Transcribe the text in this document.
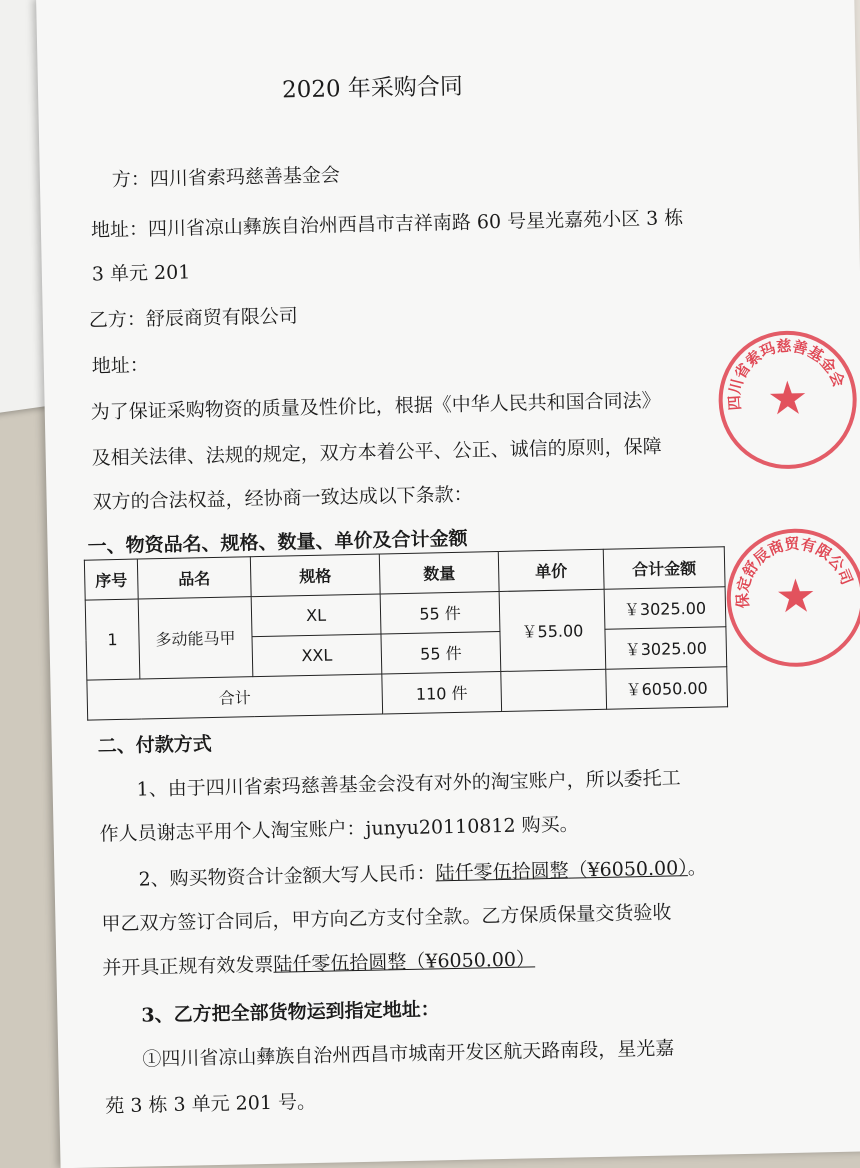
2020 年采购合同
方：四川省索玛慈善基金会
地址：四川省凉山彝族自治州西昌市吉祥南路 60 号星光嘉苑小区 3 栋
3 单元 201
乙方：舒辰商贸有限公司
地址：
为了保证采购物资的质量及性价比，根据《中华人民共和国合同法》
及相关法律、法规的规定，双方本着公平、公正、诚信的原则，保障
双方的合法权益，经协商一致达成以下条款：
一、物资品名、规格、数量、单价及合计金额
序号	品名	规格	数量	单价	合计金额
1	多动能马甲	XL	55 件	￥55.00	￥3025.00
		XXL	55 件		￥3025.00
合计			110 件		￥6050.00
二、付款方式
1、由于四川省索玛慈善基金会没有对外的淘宝账户，所以委托工
作人员谢志平用个人淘宝账户：junyu20110812 购买。
2、购买物资合计金额大写人民币：陆仟零伍拾圆整（¥6050.00）。
甲乙双方签订合同后，甲方向乙方支付全款。乙方保质保量交货验收
并开具正规有效发票陆仟零伍拾圆整（¥6050.00）
3、乙方把全部货物运到指定地址：
①四川省凉山彝族自治州西昌市城南开发区航天路南段，星光嘉
苑 3 栋 3 单元 201 号。
四川省索玛慈善基金会
★
保定舒辰商贸有限公司
★
